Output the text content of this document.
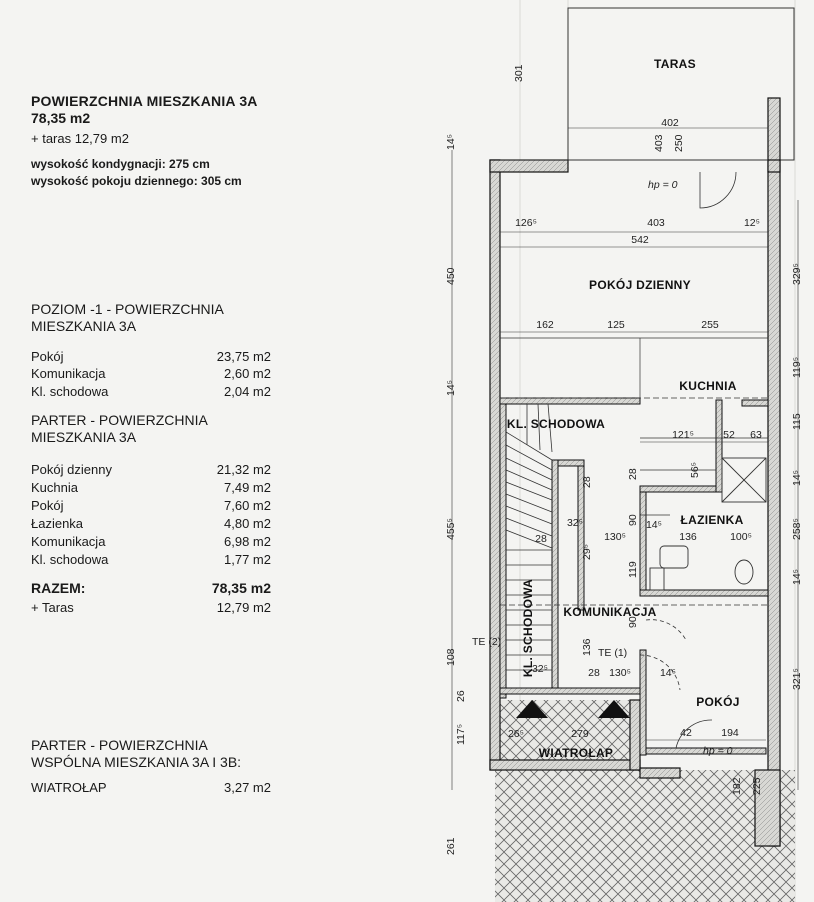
POWIERZCHNIA MIESZKANIA 3A
78,35 m2
+ taras 12,79 m2
wysokość kondygnacji: 275 cm
wysokość pokoju dziennego: 305 cm
POZIOM -1 - POWIERZCHNIA
MIESZKANIA 3A
Pokój	23,75 m2
Komunikacja	2,60 m2
Kl. schodowa	2,04 m2
PARTER - POWIERZCHNIA
MIESZKANIA 3A
Pokój dzienny	21,32 m2
Kuchnia	7,49 m2
Pokój	7,60 m2
Łazienka	4,80 m2
Komunikacja	6,98 m2
Kl. schodowa	1,77 m2
RAZEM:	78,35 m2
+ Taras	12,79 m2
PARTER - POWIERZCHNIA
WSPÓLNA MIESZKANIA 3A I 3B:
WIATROŁAP	3,27 m2
TARAS
301
402
403 250
126⁵	403	12⁵
542
450	329⁵
162	125	255
119⁵
14⁵
14⁵
115
121⁵	52 63
56⁵
28
28
455⁵	32⁵	90 14⁵
130⁵	136	100⁵
28
29⁵
119
258⁵
14⁵
14⁵
90
108
136
28 130⁵	14⁵
32⁵	321⁵
26
117⁵	26⁵	279	42	194
182 225
261
TE (2)
TE (1)
hp = 0
hp = 0
POKÓJ DZIENNY
KUCHNIA
KL. SCHODOWA
ŁAZIENKA
KL. SCHODOWA KOMUNIKACJA
POKÓJ
WIATROŁAP
